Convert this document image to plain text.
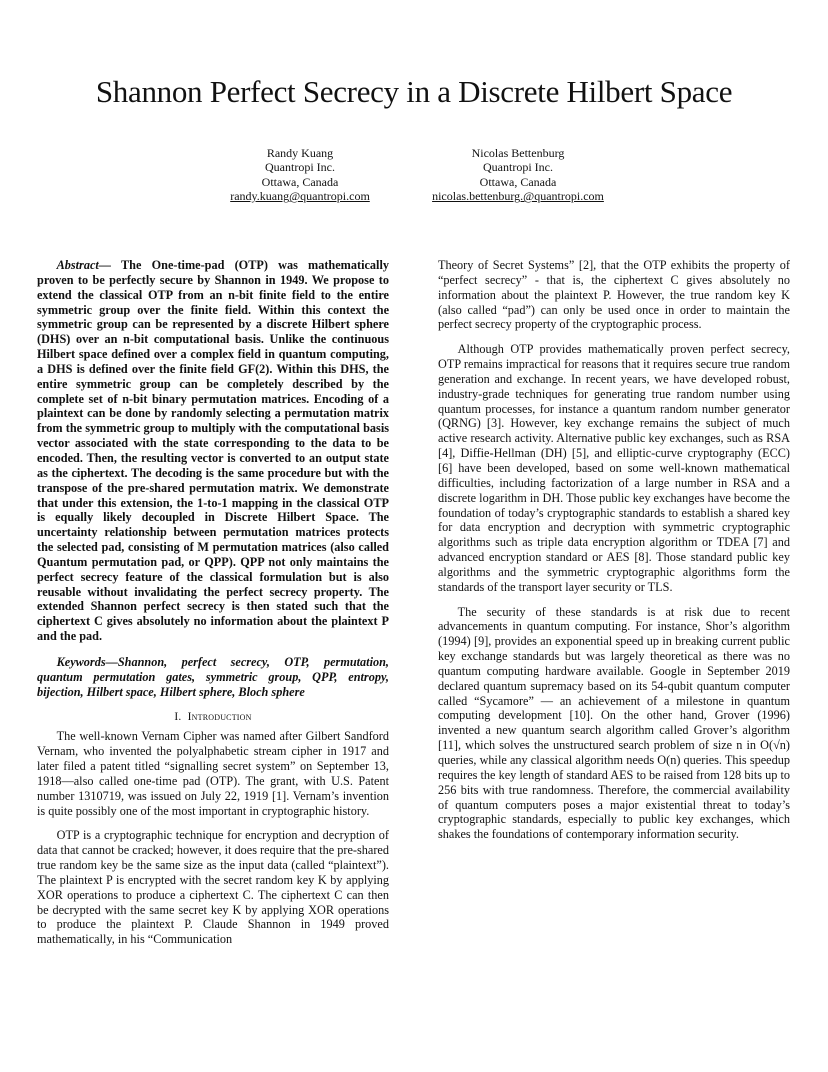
Shannon Perfect Secrecy in a Discrete Hilbert Space
Randy Kuang
Quantropi Inc.
Ottawa, Canada
randy.kuang@quantropi.com
Nicolas Bettenburg
Quantropi Inc.
Ottawa, Canada
nicolas.bettenburg.@quantropi.com

Abstract— The One-time-pad (OTP) was mathematically proven to be perfectly secure by Shannon in 1949. We propose to extend the classical OTP from an n-bit finite field to the entire symmetric group over the finite field. Within this context the symmetric group can be represented by a discrete Hilbert sphere (DHS) over an n-bit computational basis. Unlike the continuous Hilbert space defined over a complex field in quantum computing, a DHS is defined over the finite field GF(2). Within this DHS, the entire symmetric group can be completely described by the complete set of n-bit binary permutation matrices. Encoding of a plaintext can be done by randomly selecting a permutation matrix from the symmetric group to multiply with the computational basis vector associated with the state corresponding to the data to be encoded. Then, the resulting vector is converted to an output state as the ciphertext. The decoding is the same procedure but with the transpose of the pre-shared permutation matrix. We demonstrate that under this extension, the 1-to-1 mapping in the classical OTP is equally likely decoupled in Discrete Hilbert Space. The uncertainty relationship between permutation matrices protects the selected pad, consisting of M permutation matrices (also called Quantum permutation pad, or QPP). QPP not only maintains the perfect secrecy feature of the classical formulation but is also reusable without invalidating the perfect secrecy property. The extended Shannon perfect secrecy is then stated such that the ciphertext C gives absolutely no information about the plaintext P and the pad.

Keywords—Shannon, perfect secrecy, OTP, permutation, quantum permutation gates, symmetric group, QPP, entropy, bijection, Hilbert space, Hilbert sphere, Bloch sphere

I. Introduction

The well-known Vernam Cipher was named after Gilbert Sandford Vernam, who invented the polyalphabetic stream cipher in 1917 and later filed a patent titled “signalling secret system” on September 13, 1918—also called one-time pad (OTP). The grant, with U.S. Patent number 1310719, was issued on July 22, 1919 [1]. Vernam’s invention is quite possibly one of the most important in cryptographic history.

OTP is a cryptographic technique for encryption and decryption of data that cannot be cracked; however, it does require that the pre-shared true random key be the same size as the input data (called “plaintext”). The plaintext P is encrypted with the secret random key K by applying XOR operations to produce a ciphertext C. The ciphertext C can then be decrypted with the same secret key K by applying XOR operations to produce the plaintext P. Claude Shannon in 1949 proved mathematically, in his “Communication

Theory of Secret Systems” [2], that the OTP exhibits the property of “perfect secrecy” - that is, the ciphertext C gives absolutely no information about the plaintext P. However, the true random key K (also called “pad”) can only be used once in order to maintain the perfect secrecy property of the cryptographic process.

Although OTP provides mathematically proven perfect secrecy, OTP remains impractical for reasons that it requires secure true random generation and exchange. In recent years, we have developed robust, industry-grade techniques for generating true random number using quantum processes, for instance a quantum random number generator (QRNG) [3]. However, key exchange remains the subject of much active research activity. Alternative public key exchanges, such as RSA [4], Diffie-Hellman (DH) [5], and elliptic-curve cryptography (ECC) [6] have been developed, based on some well-known mathematical difficulties, including factorization of a large number in RSA and a discrete logarithm in DH. Those public key exchanges have become the foundation of today’s cryptographic standards to establish a shared key for data encryption and decryption with symmetric cryptographic algorithms such as triple data encryption algorithm or TDEA [7] and advanced encryption standard or AES [8]. Those standard public key algorithms and the symmetric cryptographic algorithms form the standards of the transport layer security or TLS.

The security of these standards is at risk due to recent advancements in quantum computing. For instance, Shor’s algorithm (1994) [9], provides an exponential speed up in breaking current public key exchange standards but was largely theoretical as there was no quantum computing hardware available. Google in September 2019 declared quantum supremacy based on its 54-qubit quantum computer called “Sycamore” — an achievement of a milestone in quantum computing development [10]. On the other hand, Grover (1996) invented a new quantum search algorithm called Grover’s algorithm [11], which solves the unstructured search problem of size n in O(√n) queries, while any classical algorithm needs O(n) queries. This speedup requires the key length of standard AES to be raised from 128 bits up to 256 bits with true randomness. Therefore, the commercial availability of quantum computers poses a major existential threat to today’s cryptographic standards, especially to public key exchanges, which shakes the foundations of contemporary information security.
